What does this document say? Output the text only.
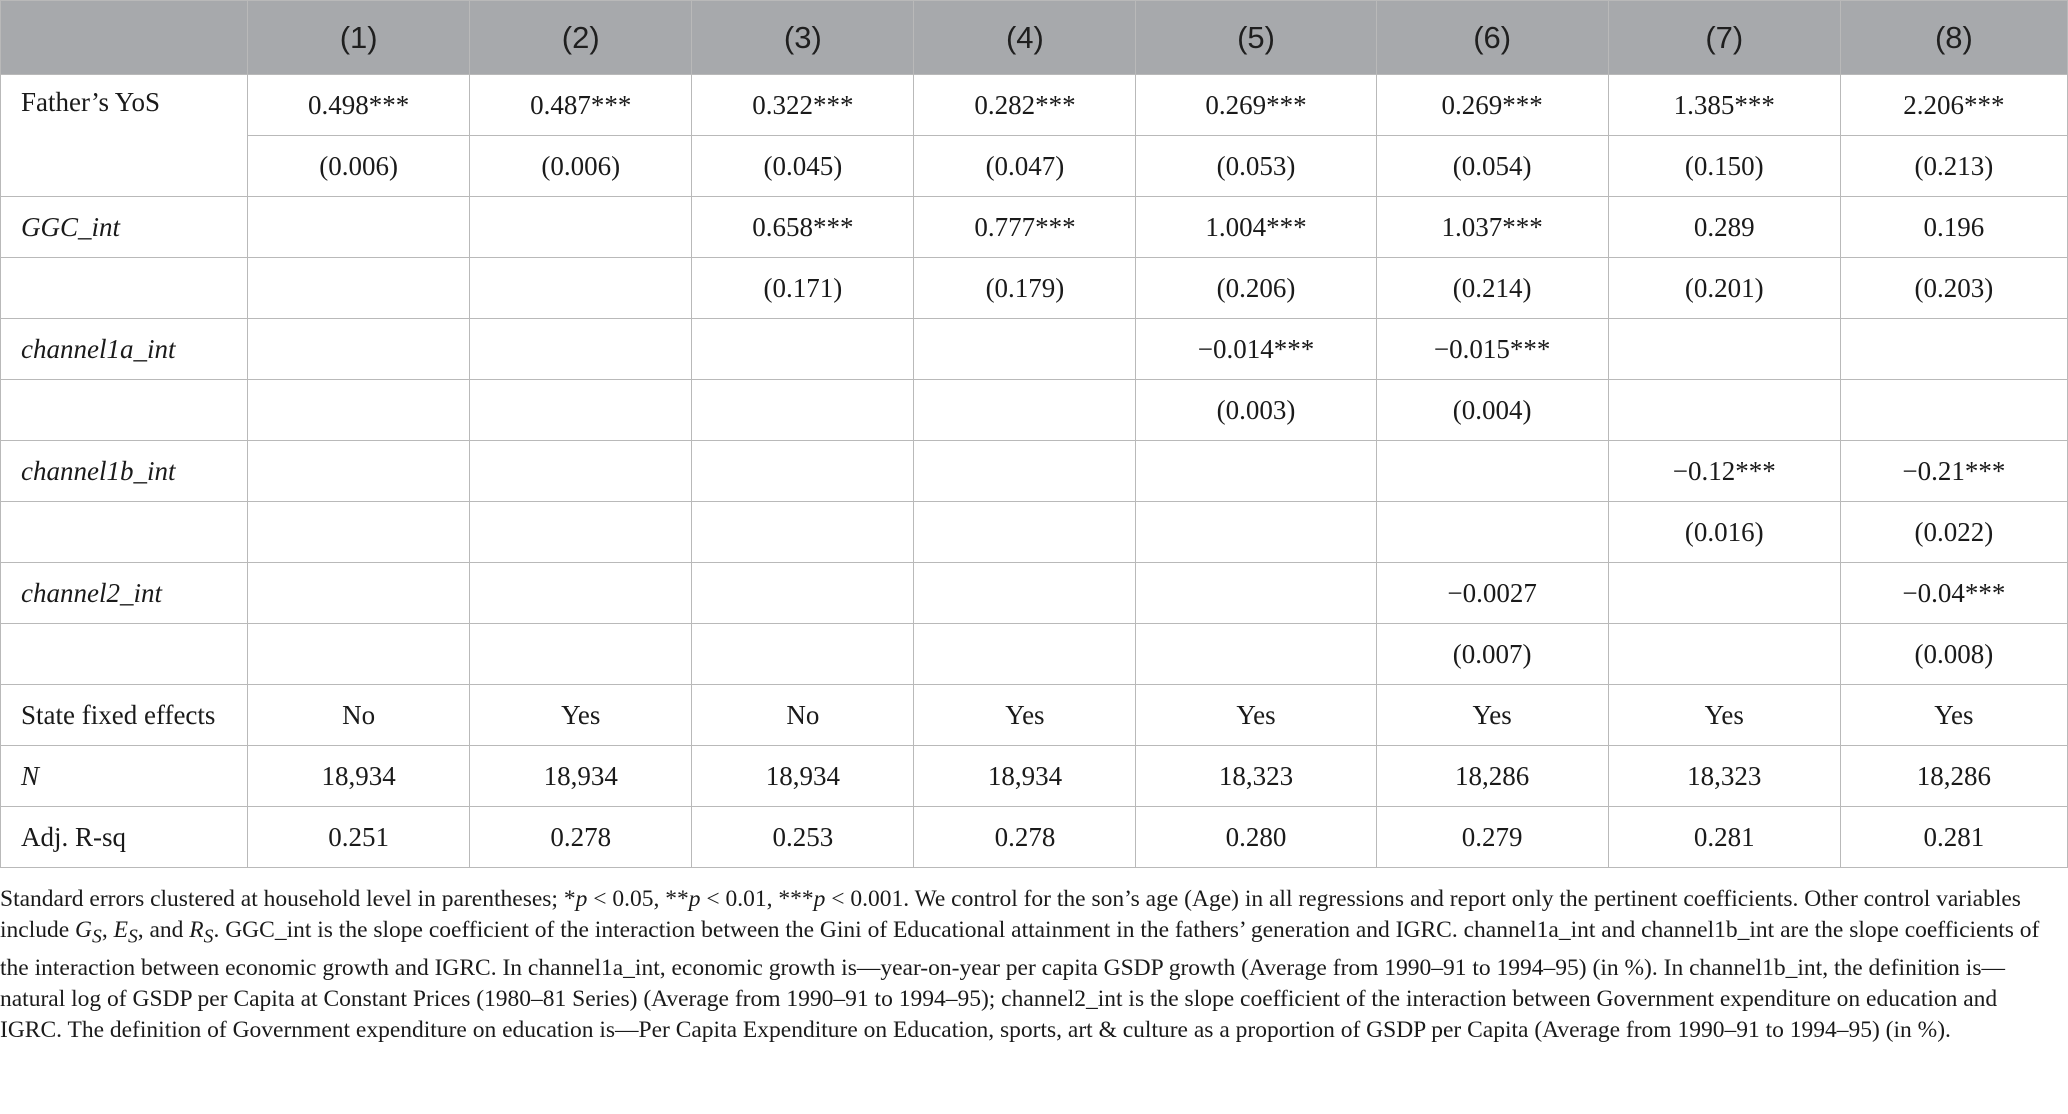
	(1)	(2)	(3)	(4)	(5)	(6)	(7)	(8)
Father’s YoS	0.498***	0.487***	0.322***	0.282***	0.269***	0.269***	1.385***	2.206***
	(0.006)	(0.006)	(0.045)	(0.047)	(0.053)	(0.054)	(0.150)	(0.213)
GGC_int			0.658***	0.777***	1.004***	1.037***	0.289	0.196
			(0.171)	(0.179)	(0.206)	(0.214)	(0.201)	(0.203)
channel1a_int					−0.014***	−0.015***		
					(0.003)	(0.004)		
channel1b_int							−0.12***	−0.21***
							(0.016)	(0.022)
channel2_int						−0.0027		−0.04***
						(0.007)		(0.008)
State fixed effects	No	Yes	No	Yes	Yes	Yes	Yes	Yes
N	18,934	18,934	18,934	18,934	18,323	18,286	18,323	18,286
Adj. R-sq	0.251	0.278	0.253	0.278	0.280	0.279	0.281	0.281
Standard errors clustered at household level in parentheses; *p < 0.05, **p < 0.01, ***p < 0.001. We control for the son’s age (Age) in all regressions and report only the pertinent coefficients. Other control variables include $G_S$, $E_S$, and $R_S$. GGC_int is the slope coefficient of the interaction between the Gini of Educational attainment in the fathers’ generation and IGRC. channel1a_int and channel1b_int are the slope coefficients of the interaction between economic growth and IGRC. In channel1a_int, economic growth is—year-on-year per capita GSDP growth (Average from 1990–91 to 1994–95) (in %). In channel1b_int, the definition is—natural log of GSDP per Capita at Constant Prices (1980–81 Series) (Average from 1990–91 to 1994–95); channel2_int is the slope coefficient of the interaction between Government expenditure on education and IGRC. The definition of Government expenditure on education is—Per Capita Expenditure on Education, sports, art & culture as a proportion of GSDP per Capita (Average from 1990–91 to 1994–95) (in %).
